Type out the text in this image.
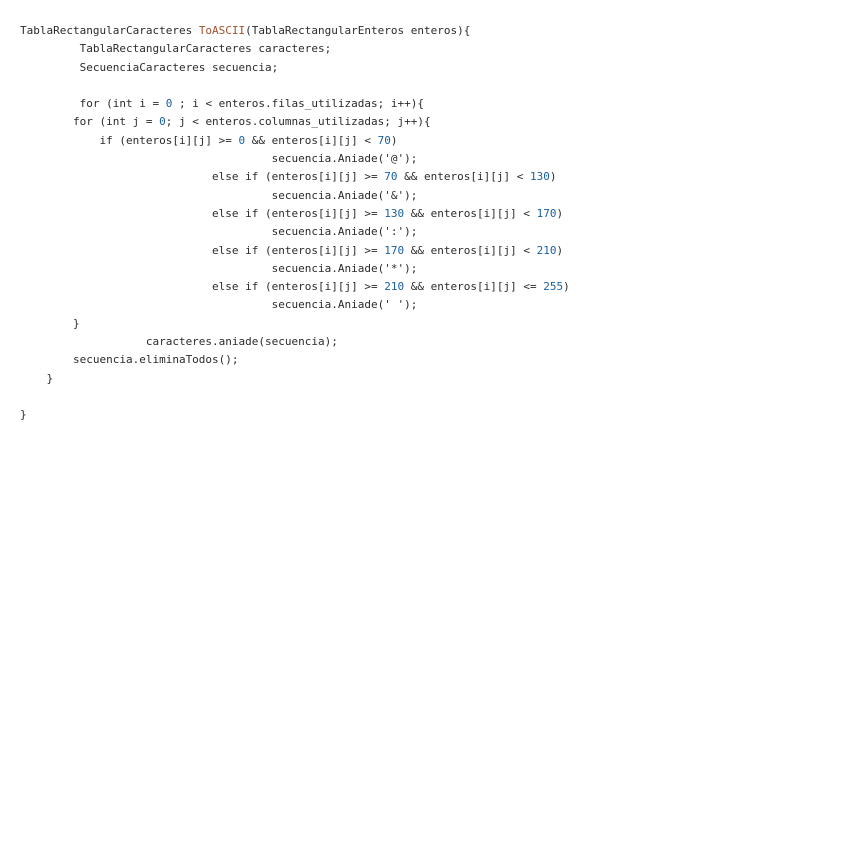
TablaRectangularCaracteres ToASCII(TablaRectangularEnteros enteros){
TablaRectangularCaracteres caracteres;
SecuenciaCaracteres secuencia;
for (int i = 0 ; i < enteros.filas_utilizadas; i++){
for (int j = 0; j < enteros.columnas_utilizadas; j++){
if (enteros[i][j] >= 0 && enteros[i][j] < 70)
secuencia.Aniade('@');
else if (enteros[i][j] >= 70 && enteros[i][j] < 130)
secuencia.Aniade('&');
else if (enteros[i][j] >= 130 && enteros[i][j] < 170)
secuencia.Aniade(':');
else if (enteros[i][j] >= 170 && enteros[i][j] < 210)
secuencia.Aniade('*');
else if (enteros[i][j] >= 210 && enteros[i][j] <= 255)
secuencia.Aniade(' ');
}
caracteres.aniade(secuencia);
secuencia.eliminaTodos();
}
}
